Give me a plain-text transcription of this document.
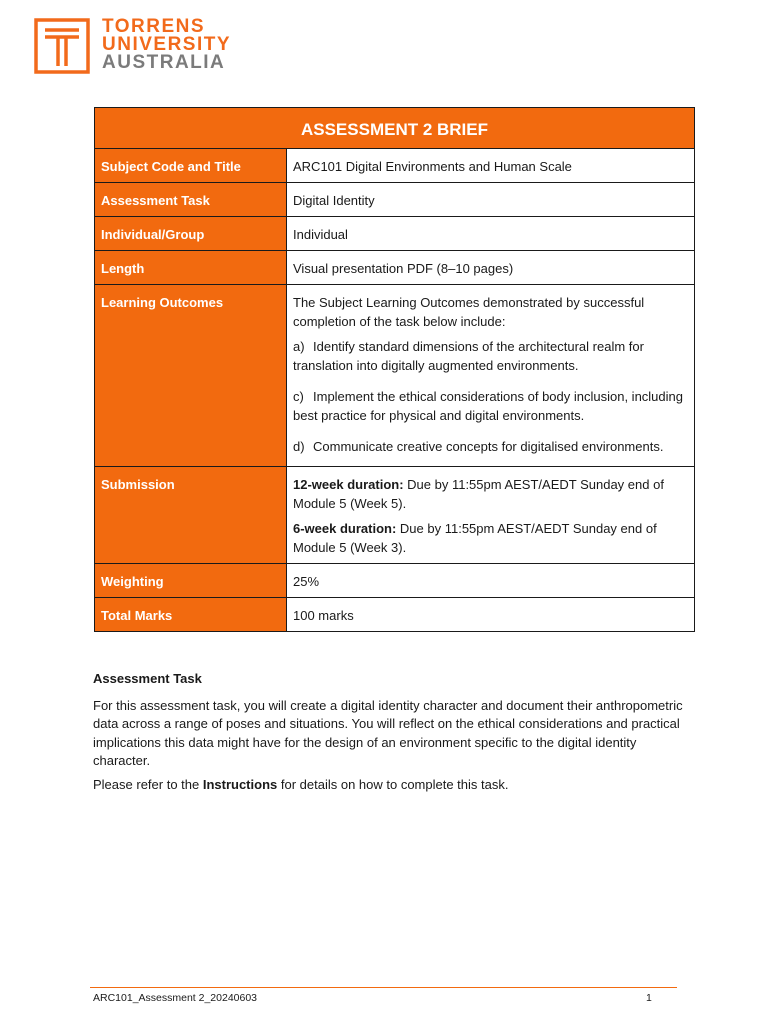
TORRENS
UNIVERSITY
AUSTRALIA
ASSESSMENT 2 BRIEF	
Subject Code and Title	ARC101 Digital Environments and Human Scale
Assessment Task	Digital Identity
Individual/Group	Individual
Length	Visual presentation PDF (8–10 pages)
Learning Outcomes	The Subject Learning Outcomes demonstrated by successful completion of the task below include:
a) Identify standard dimensions of the architectural realm for translation into digitally augmented environments.
c) Implement the ethical considerations of body inclusion, including best practice for physical and digital environments.
d) Communicate creative concepts for digitalised environments.

Submission	12-week duration: Due by 11:55pm AEST/AEDT Sunday end of Module 5 (Week 5).

6-week duration: Due by 11:55pm AEST/AEDT Sunday end of Module 5 (Week 3).

Weighting	25%
Total Marks	100 marks
Assessment Task

For this assessment task, you will create a digital identity character and document their anthropometric data across a range of poses and situations. You will reflect on the ethical considerations and practical implications this data might have for the design of an environment specific to the digital identity character.

Please refer to the Instructions for details on how to complete this task.

ARC101_Assessment 2_20240603	1
